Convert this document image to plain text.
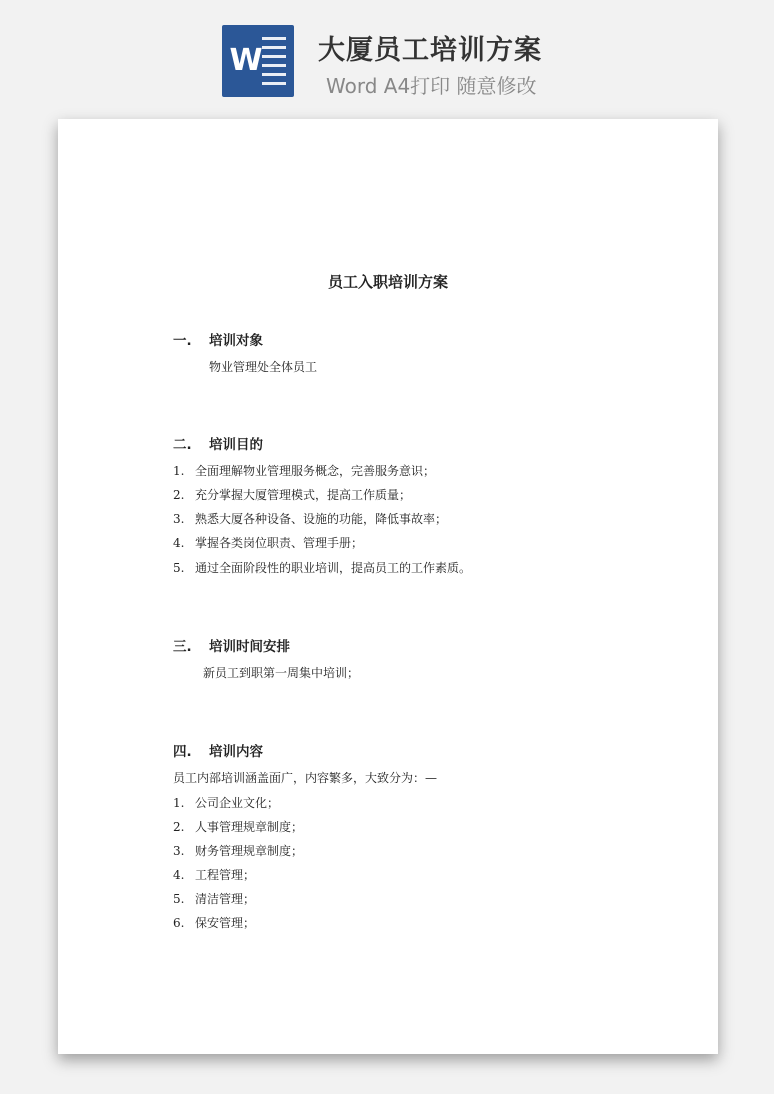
W 大厦员工培训方案
Word A4打印 随意修改
员工入职培训方案
一. 培训对象
物业管理处全体员工
二. 培训目的
1. 全面理解物业管理服务概念，完善服务意识；
2. 充分掌握大厦管理模式，提高工作质量；
3. 熟悉大厦各种设备、设施的功能，降低事故率；
4. 掌握各类岗位职责、管理手册；
5. 通过全面阶段性的职业培训，提高员工的工作素质。
三. 培训时间安排
新员工到职第一周集中培训；
四. 培训内容
员工内部培训涵盖面广，内容繁多，大致分为：—
1. 公司企业文化；
2. 人事管理规章制度；
3. 财务管理规章制度；
4. 工程管理；
5. 清洁管理；
6. 保安管理；
